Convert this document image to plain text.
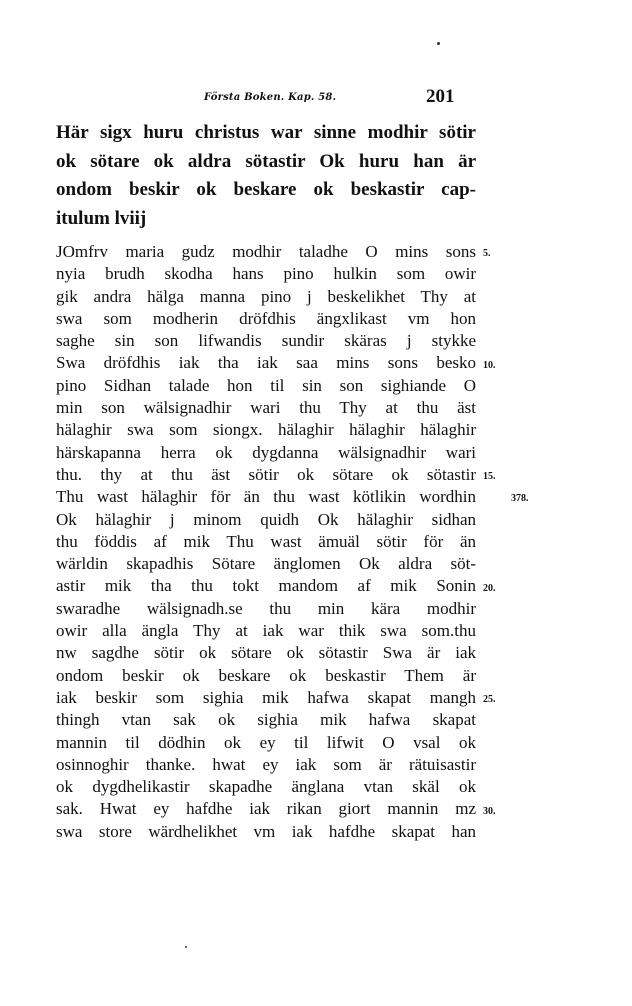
Första Boken. Kap. 58.	201
Här sigx huru christus war sinne modhir sötir
ok sötare ok aldra sötastir Ok huru han är
ondom beskir ok beskare ok beskastir cap-
itulum lviij
JOmfrv maria gudz modhir taladhe O mins sons
nyia brudh skodha hans pino hulkin som owir
gik andra hälga manna pino j beskelikhet Thy at
swa som modherin dröfdhis ängxlikast vm hon
saghe sin son lifwandis sundir skäras j stykke
Swa dröfdhis iak tha iak saa mins sons besko
pino Sidhan talade hon til sin son sighiande O
min son wälsignadhir wari thu Thy at thu äst
hälaghir swa som siongx. hälaghir hälaghir hälaghir
härskapanna herra ok dygdanna wälsignadhir wari
thu. thy at thu äst sötir ok sötare ok sötastir
Thu wast hälaghir för än thu wast kötlikin wordhin
Ok hälaghir j minom quidh Ok hälaghir sidhan
thu föddis af mik Thu wast ämuäl sötir för än
wärldin skapadhis Sötare änglomen Ok aldra söt-
astir mik tha thu tokt mandom af mik Sonin
swaradhe wälsignadh.se thu min kära modhir
owir alla ängla Thy at iak war thik swa som.thu
nw sagdhe sötir ok sötare ok sötastir Swa är iak
ondom beskir ok beskare ok beskastir Them är
iak beskir som sighia mik hafwa skapat mangh
thingh vtan sak ok sighia mik hafwa skapat
mannin til dödhin ok ey til lifwit O vsal ok
osinnoghir thanke. hwat ey iak som är rätuisastir
ok dygdhelikastir skapadhe änglana vtan skäl ok
sak. Hwat ey hafdhe iak rikan giort mannin mz
swa store wärdhelikhet vm iak hafdhe skapat han
5.
10.
15.
20.
25.
30.
378.
